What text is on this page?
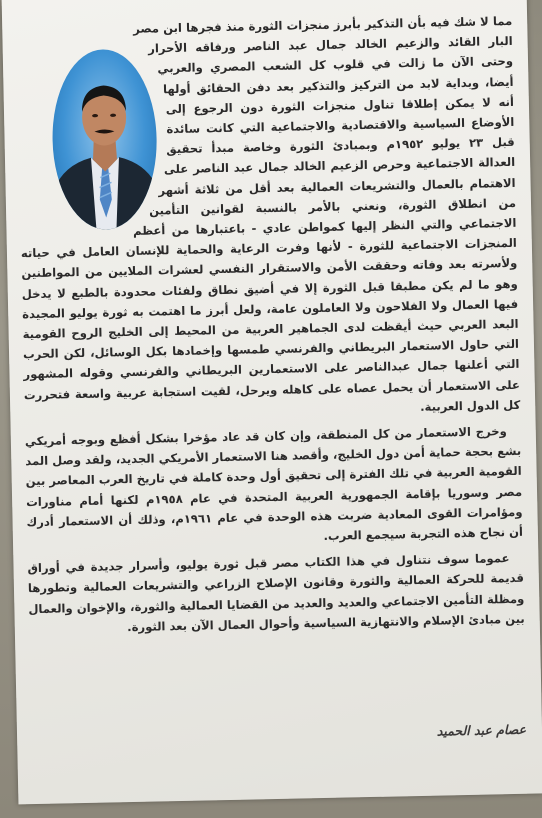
مما لا شك فيه بأن التذكير بأبرز منجزات الثورة منذ فجرها ابن مصر البار القائد والزعيم الخالد جمال عبد الناصر ورفاقه الأحرار وحتى الآن ما زالت في قلوب كل الشعب المصري والعربي أيضا، وبداية لابد من التركيز والتذكير بعد دفن الحقائق أولها أنه لا يمكن إطلاقا تناول منجزات الثورة دون الرجوع إلى الأوضاع السياسية والاقتصادية والاجتماعية التي كانت سائدة قبل ٢٣ يوليو ١٩٥٢م وبمبادئ الثورة وخاصة مبدأ تحقيق العدالة الاجتماعية وحرص الزعيم الخالد جمال عبد الناصر على الاهتمام بالعمال والتشريعات العمالية بعد أقل من ثلاثة أشهر من انطلاق الثورة، ونعني بالأمر بالنسبة لقوانين التأمين الاجتماعي والتي النظر إليها كمواطن عادي - باعتبارها من أعظم المنجزات الاجتماعية للثورة - لأنها وفرت الرعاية والحماية للإنسان العامل في حياته ولأسرته بعد وفاته وحققت الأمن والاستقرار النفسي لعشرات الملايين من المواطنين وهو ما لم يكن مطبقا قبل الثورة إلا في أضيق نطاق ولفئات محدودة بالطبع لا يدخل فيها العمال ولا الفلاحون ولا العاملون عامة، ولعل أبرز ما اهتمت به ثورة يوليو المجيدة البعد العربي حيث أيقظت لدى الجماهير العربية من المحيط إلى الخليج الروح القومية التي حاول الاستعمار البريطاني والفرنسي طمسها وإخمادها بكل الوسائل، لكن الحرب التي أعلنها جمال عبدالناصر على الاستعمارين البريطاني والفرنسي وقوله المشهور على الاستعمار أن يحمل عصاه على كاهله ويرحل، لقيت استجابة عربية واسعة فتحررت كل الدول العربية.

وخرج الاستعمار من كل المنطقة، وإن كان قد عاد مؤخرا بشكل أفظع وبوجه أمريكي بشع بحجة حماية أمن دول الخليج، وأقصد هنا الاستعمار الأمريكي الجديد، ولقد وصل المد القومية العربية في تلك الفترة إلى تحقيق أول وحدة كاملة في تاريخ العرب المعاصر بين مصر وسوريا بإقامة الجمهورية العربية المتحدة في عام ١٩٥٨م لكنها أمام مناورات ومؤامرات القوى المعادية ضربت هذه الوحدة في عام ١٩٦١م، وذلك أن الاستعمار أدرك أن نجاح هذه التجربة سيجمع العرب.

عموما سوف نتناول في هذا الكتاب مصر قبل ثورة يوليو، وأسرار جديدة في أوراق قديمة للحركة العمالية والثورة وقانون الإصلاح الزراعي والتشريعات العمالية وتطورها ومظلة التأمين الاجتماعي والعديد والعديد من القضايا العمالية والثورة، والإخوان والعمال بين مبادئ الإسلام والانتهازية السياسية وأحوال العمال الآن بعد الثورة.

عصام عبد الحميد
